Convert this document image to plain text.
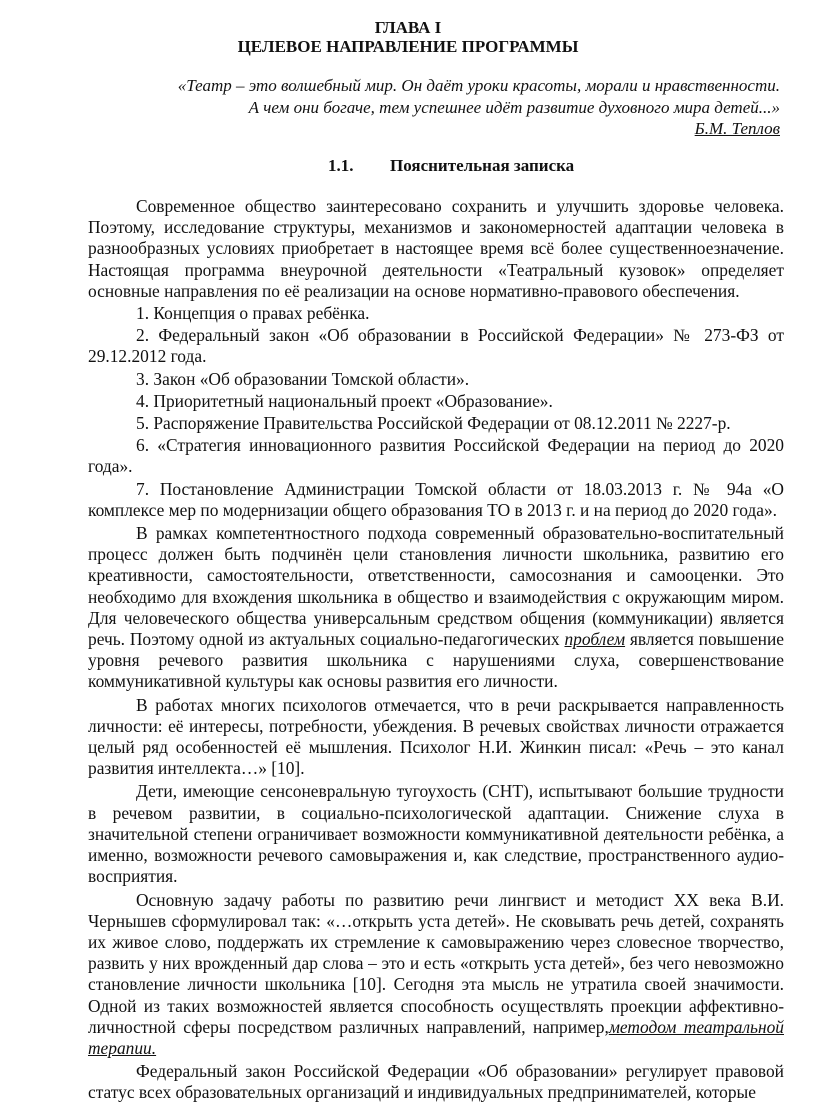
ГЛАВА I
ЦЕЛЕВОЕ НАПРАВЛЕНИЕ ПРОГРАММЫ
«Театр – это волшебный мир. Он даёт уроки красоты, морали и нравственности.
А чем они богаче, тем успешнее идёт развитие духовного мира детей...»
Б.М. Теплов
1.1. Пояснительная записка

Современное общество заинтересовано сохранить и улучшить здоровье человека. Поэтому, исследование структуры, механизмов и закономерностей адаптации человека в разнообразных условиях приобретает в настоящее время всё более существенноезначение. Настоящая программа внеурочной деятельности «Театральный кузовок» определяет основные направления по её реализации на основе нормативно-правового обеспечения.

1. Концепция о правах ребёнка.

2. Федеральный закон «Об образовании в Российской Федерации» № 273-ФЗ от 29.12.2012 года.

3. Закон «Об образовании Томской области».

4. Приоритетный национальный проект «Образование».

5. Распоряжение Правительства Российской Федерации от 08.12.2011 № 2227-р.

6. «Стратегия инновационного развития Российской Федерации на период до 2020 года».

7. Постановление Администрации Томской области от 18.03.2013 г. № 94а «О комплексе мер по модернизации общего образования ТО в 2013 г. и на период до 2020 года».

В рамках компетентностного подхода современный образовательно-воспитательный процесс должен быть подчинён цели становления личности школьника, развитию его креативности, самостоятельности, ответственности, самосознания и самооценки. Это необходимо для вхождения школьника в общество и взаимодействия с окружающим миром. Для человеческого общества универсальным средством общения (коммуникации) является речь. Поэтому одной из актуальных социально-педагогических проблем является повышение уровня речевого развития школьника с нарушениями слуха, совершенствование коммуникативной культуры как основы развития его личности.

В работах многих психологов отмечается, что в речи раскрывается направленность личности: её интересы, потребности, убеждения. В речевых свойствах личности отражается целый ряд особенностей её мышления. Психолог Н.И. Жинкин писал: «Речь – это канал развития интеллекта…» [10].

Дети, имеющие сенсоневральную тугоухость (СНТ), испытывают большие трудности в речевом развитии, в социально-психологической адаптации. Снижение слуха в значительной степени ограничивает возможности коммуникативной деятельности ребёнка, а именно, возможности речевого самовыражения и, как следствие, пространственного аудио-восприятия.

Основную задачу работы по развитию речи лингвист и методист XX века В.И. Чернышев сформулировал так: «…открыть уста детей». Не сковывать речь детей, сохранять их живое слово, поддержать их стремление к самовыражению через словесное творчество, развить у них врожденный дар слова – это и есть «открыть уста детей», без чего невозможно становление личности школьника [10]. Сегодня эта мысль не утратила своей значимости. Одной из таких возможностей является способность осуществлять проекции аффективно-личностной сферы посредством различных направлений, например,методом театральной терапии.

Федеральный закон Российской Федерации «Об образовании» регулирует правовой статус всех образовательных организаций и индивидуальных предпринимателей, которые
